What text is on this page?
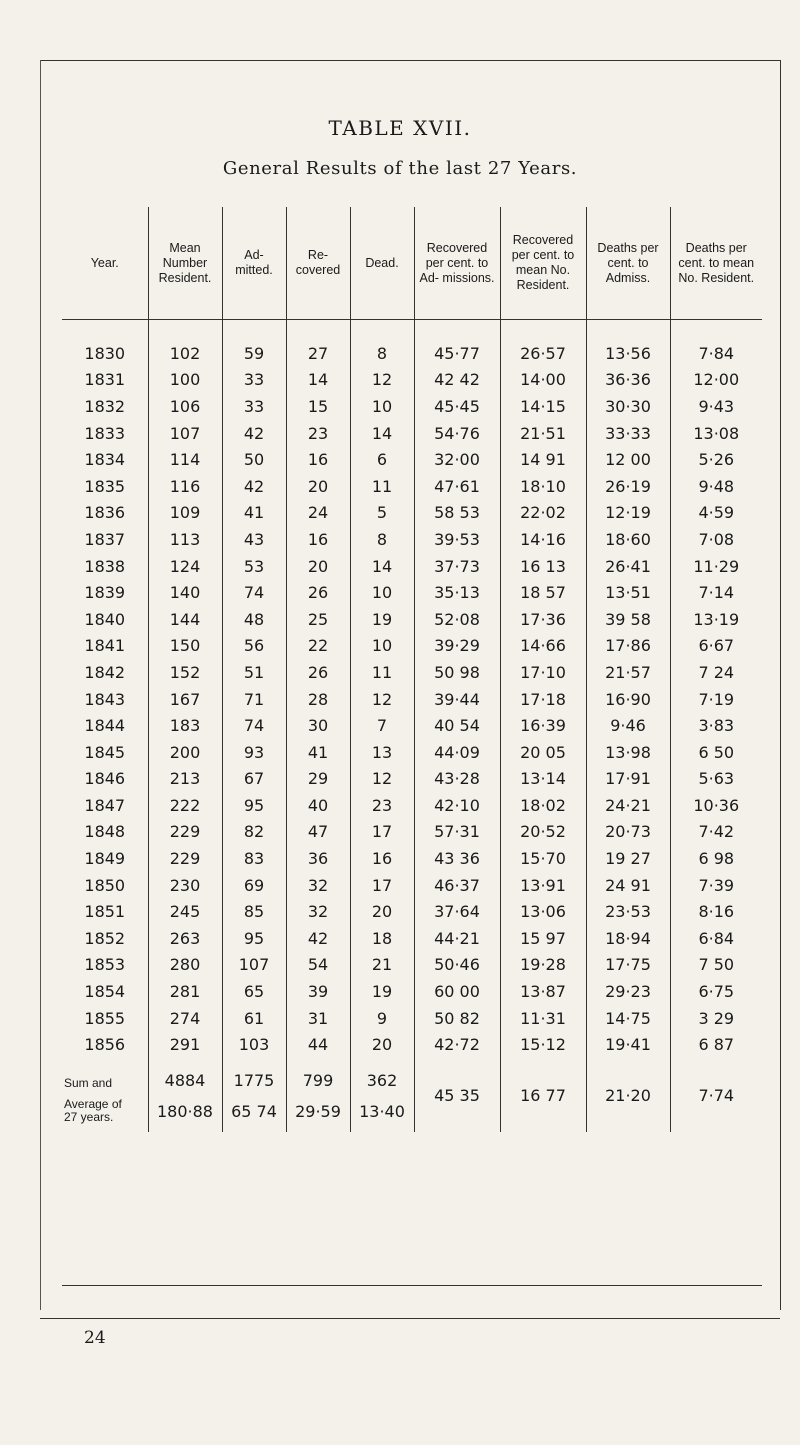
TABLE XVII.
General Results of the last 27 Years.
Year.	Mean Number Resident.	Ad- mitted.	Re- covered	Dead.	Recovered per cent. to Ad- missions.	Recovered per cent. to mean No. Resident.	Deaths per cent. to Admiss.	Deaths per cent. to mean No. Resident.
1830	102	59	27	8	45·77	26·57	13·56	7·84
1831	100	33	14	12	42 42	14·00	36·36	12·00
1832	106	33	15	10	45·45	14·15	30·30	9·43
1833	107	42	23	14	54·76	21·51	33·33	13·08
1834	114	50	16	6	32·00	14 91	12 00	5·26
1835	116	42	20	11	47·61	18·10	26·19	9·48
1836	109	41	24	5	58 53	22·02	12·19	4·59
1837	113	43	16	8	39·53	14·16	18·60	7·08
1838	124	53	20	14	37·73	16 13	26·41	11·29
1839	140	74	26	10	35·13	18 57	13·51	7·14
1840	144	48	25	19	52·08	17·36	39 58	13·19
1841	150	56	22	10	39·29	14·66	17·86	6·67
1842	152	51	26	11	50 98	17·10	21·57	7 24
1843	167	71	28	12	39·44	17·18	16·90	7·19
1844	183	74	30	7	40 54	16·39	9·46	3·83
1845	200	93	41	13	44·09	20 05	13·98	6 50
1846	213	67	29	12	43·28	13·14	17·91	5·63
1847	222	95	40	23	42·10	18·02	24·21	10·36
1848	229	82	47	17	57·31	20·52	20·73	7·42
1849	229	83	36	16	43 36	15·70	19 27	6 98
1850	230	69	32	17	46·37	13·91	24 91	7·39
1851	245	85	32	20	37·64	13·06	23·53	8·16
1852	263	95	42	18	44·21	15 97	18·94	6·84
1853	280	107	54	21	50·46	19·28	17·75	7 50
1854	281	65	39	19	60 00	13·87	29·23	6·75
1855	274	61	31	9	50 82	11·31	14·75	3 29
1856	291	103	44	20	42·72	15·12	19·41	6 87
Sum and	4884	1775	799	362	45 35	16 77	21·20	7·74
Average of
27 years.	180·88	65 74	29·59	13·40				
24
